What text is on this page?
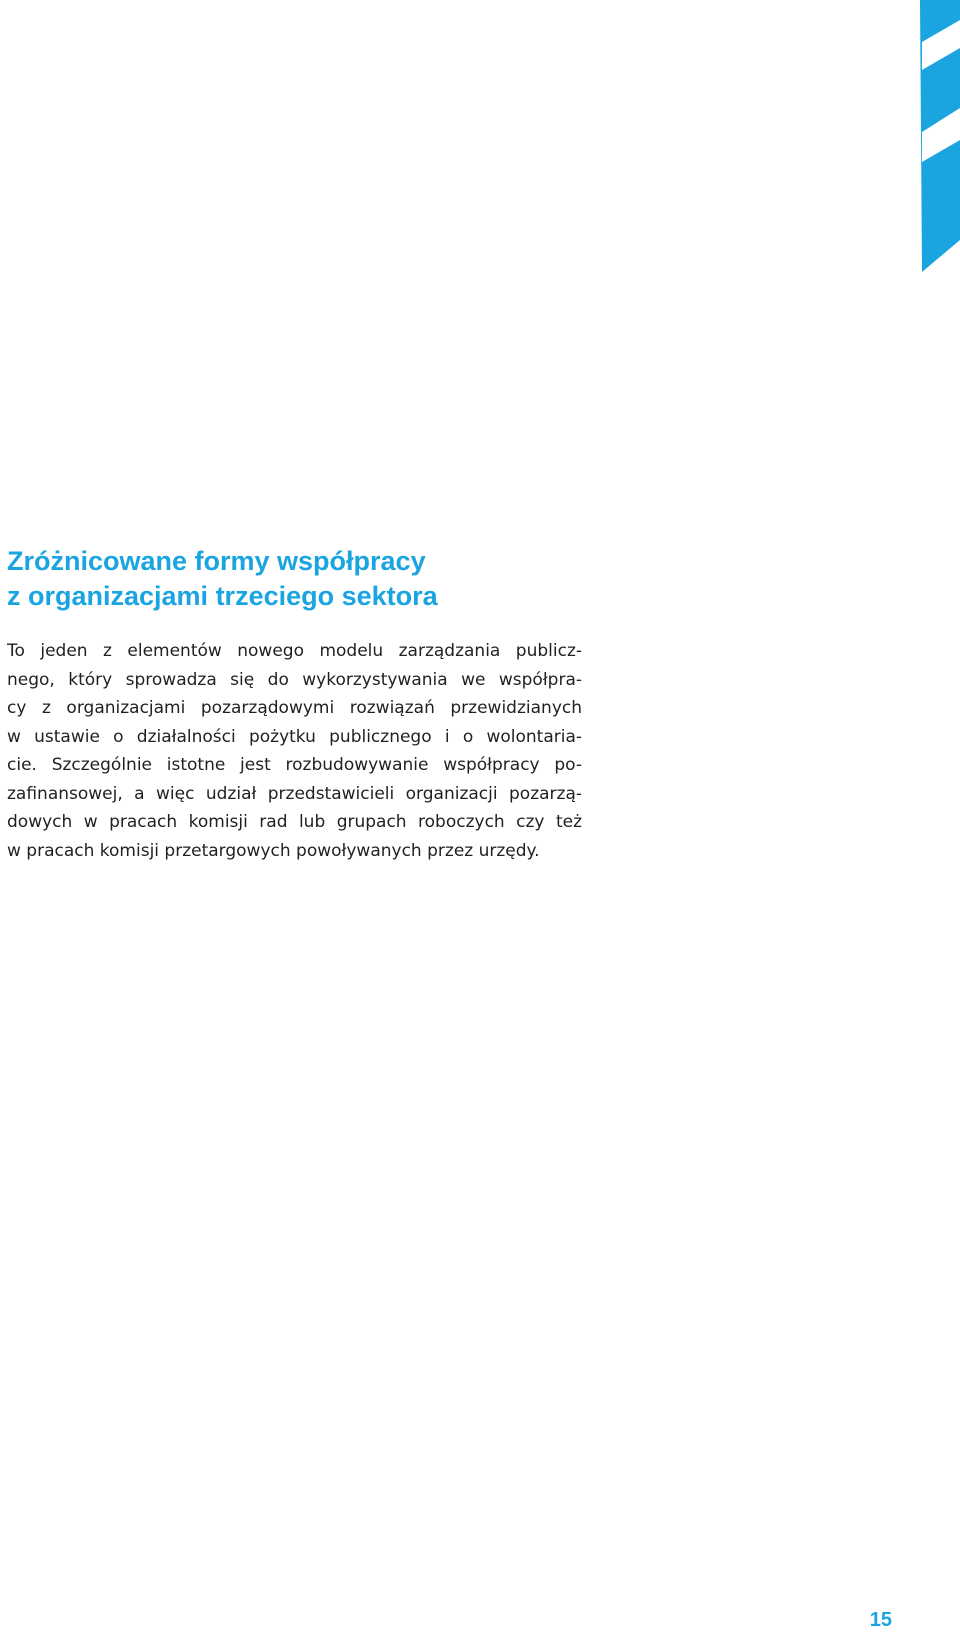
Zróżnicowane formy współpracy
z organizacjami trzeciego sektora

To jeden z elementów nowego modelu zarządzania publicz-
nego, który sprowadza się do wykorzystywania we współpra-
cy z organizacjami pozarządowymi rozwiązań przewidzianych
w ustawie o działalności pożytku publicznego i o wolontaria-
cie. Szczególnie istotne jest rozbudowywanie współpracy po-
zafinansowej, a więc udział przedstawicieli organizacji pozarzą-
dowych w pracach komisji rad lub grupach roboczych czy też
w pracach komisji przetargowych powoływanych przez urzędy.

15
